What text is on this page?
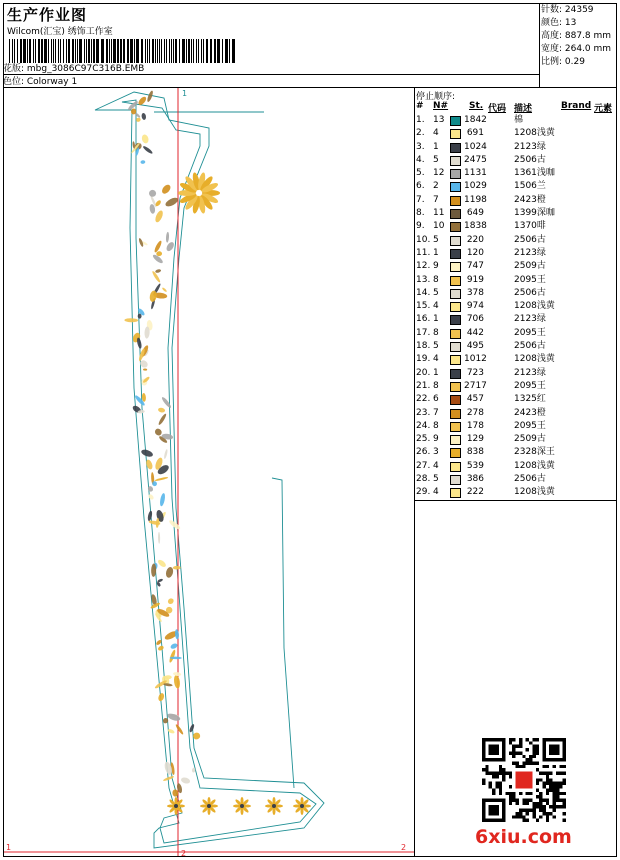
生产作业图
Wilcom(汇宝) 绣饰工作室
花版: mbg_3086C97C316B.EMB
色位: Colorway 1
针数: 24359
颜色: 13
高度: 887.8 mm
宽度: 264.0 mm
比例: 0.29
1
1
2
2
停止顺序:
# N# St. 代码 描述	Brand 元素
1. 13 1842	棉
2. 4	691	1208浅黄
3. 1	1024	2123绿
4. 5	2475	2506古
5. 12 1131	1361浅咖
6. 2	1029	1506兰
7. 7	1198	2423橙
8. 11	649	1399深咖
9. 10 1838	1370啡
10. 5	220	2506古
11. 1	120	2123绿
12. 9	747	2509古
13. 8	919	2095王
14. 5	378	2506古
15. 4	974	1208浅黄
16. 1	706	2123绿
17. 8	442	2095王
18. 5	495	2506古
19. 4	1012	1208浅黄
20. 1	723	2123绿
21. 8	2717	2095王
22. 6	457	1325红
23. 7	278	2423橙
24. 8	178	2095王
25. 9	129	2509古
26. 3	838	2328深王
27. 4	539	1208浅黄
28. 5	386	2506古
29. 4	222	1208浅黄
6xiu.com
